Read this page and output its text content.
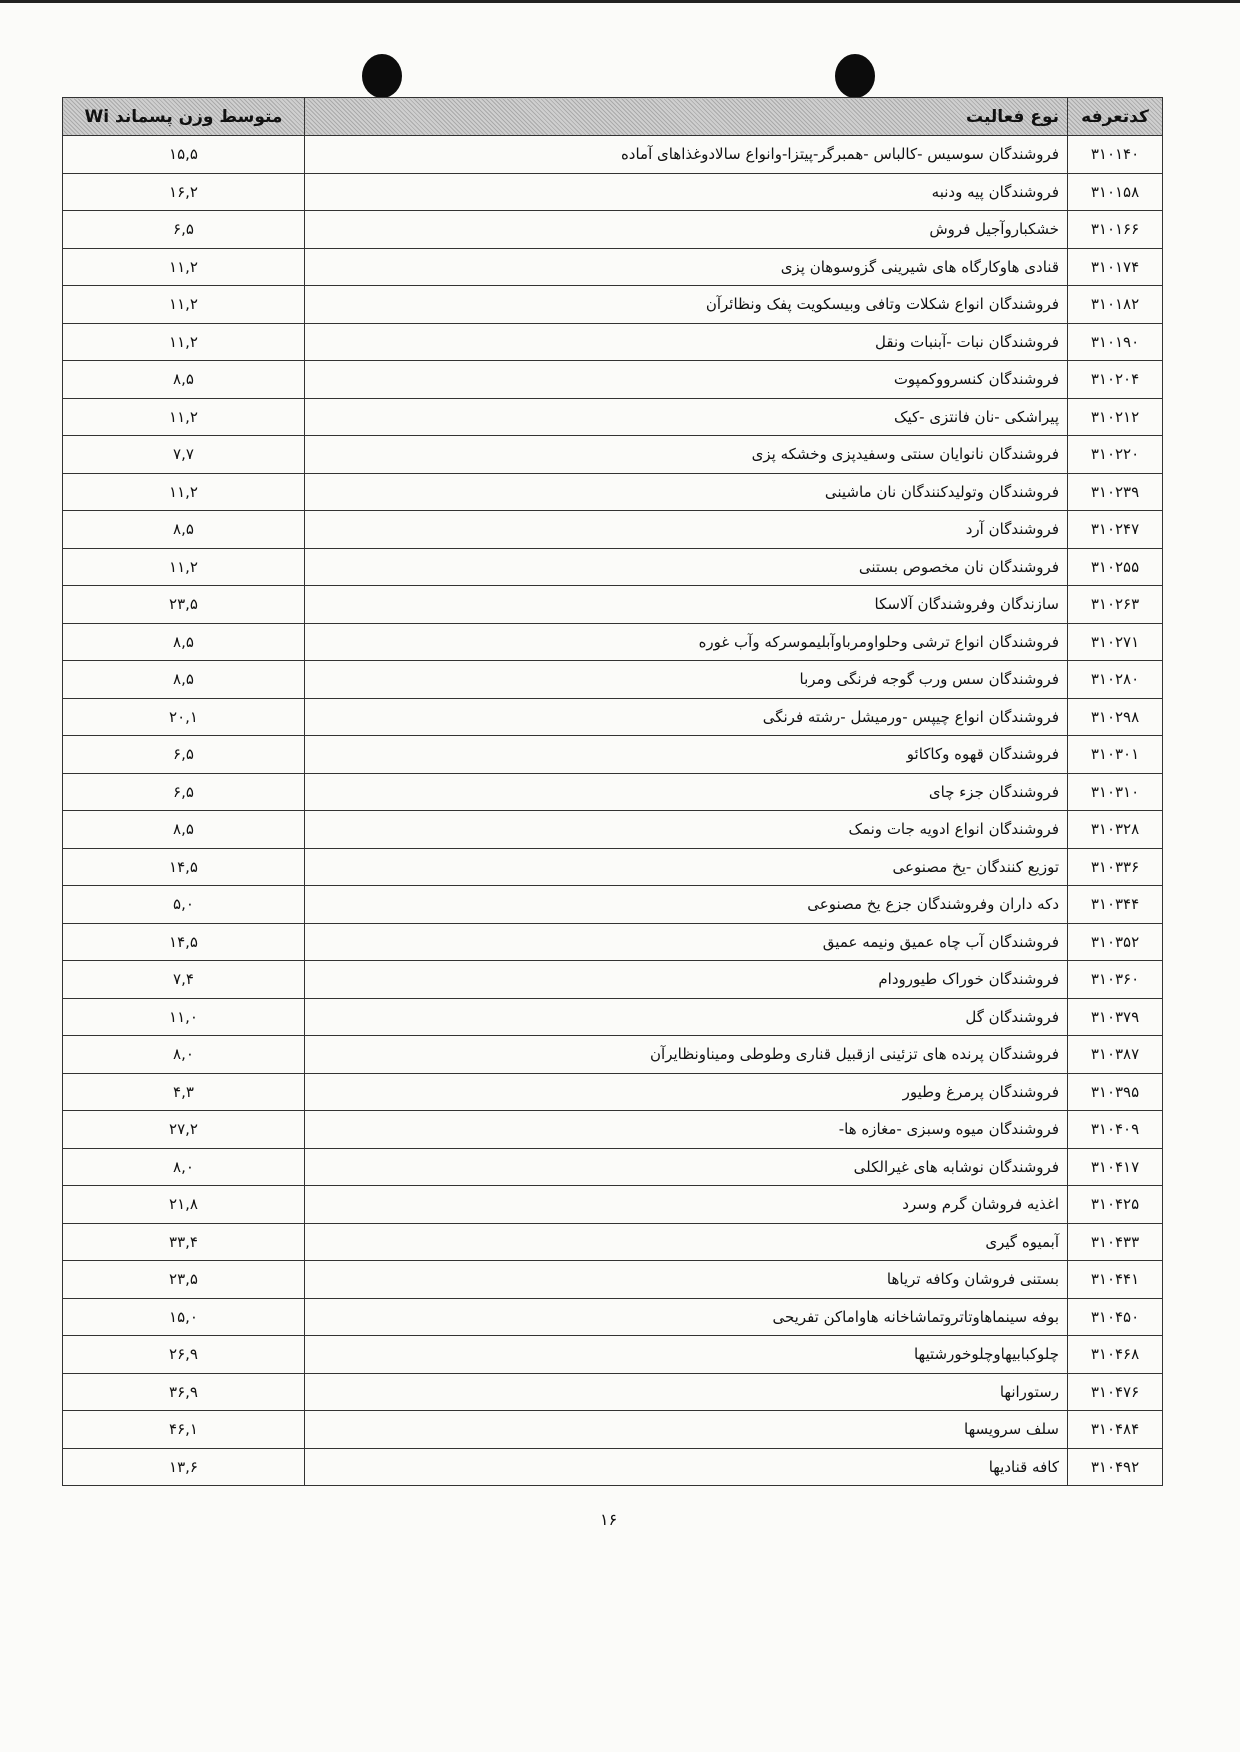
کدتعرفه	نوع فعالیت	متوسط وزن پسماند Wi
۳۱۰۱۴۰	فروشندگان سوسیس -کالباس -همبرگر-پیتزا-وانواع سالادوغذاهای آماده	۱۵,۵
۳۱۰۱۵۸	فروشندگان پیه ودنبه	۱۶,۲
۳۱۰۱۶۶	خشکباروآجیل فروش	۶,۵
۳۱۰۱۷۴	قنادی هاوکارگاه های شیرینی گزوسوهان پزی	۱۱,۲
۳۱۰۱۸۲	فروشندگان انواع شکلات وتافی وبیسکویت پفک ونظائرآن	۱۱,۲
۳۱۰۱۹۰	فروشندگان نبات -آبنبات ونقل	۱۱,۲
۳۱۰۲۰۴	فروشندگان کنسرووکمپوت	۸,۵
۳۱۰۲۱۲	پیراشکی -نان فانتزی -کیک	۱۱,۲
۳۱۰۲۲۰	فروشندگان نانوایان سنتی وسفیدپزی وخشکه پزی	۷,۷
۳۱۰۲۳۹	فروشندگان وتولیدکنندگان نان ماشینی	۱۱,۲
۳۱۰۲۴۷	فروشندگان آرد	۸,۵
۳۱۰۲۵۵	فروشندگان نان مخصوص بستنی	۱۱,۲
۳۱۰۲۶۳	سازندگان وفروشندگان آلاسکا	۲۳,۵
۳۱۰۲۷۱	فروشندگان انواع ترشی وحلواومرباوآبلیموسرکه وآب غوره	۸,۵
۳۱۰۲۸۰	فروشندگان سس ورب گوجه فرنگی ومربا	۸,۵
۳۱۰۲۹۸	فروشندگان انواع چیپس -ورمیشل -رشته فرنگی	۲۰,۱
۳۱۰۳۰۱	فروشندگان قهوه وکاکائو	۶,۵
۳۱۰۳۱۰	فروشندگان جزء چای	۶,۵
۳۱۰۳۲۸	فروشندگان انواع ادویه جات ونمک	۸,۵
۳۱۰۳۳۶	توزیع کنندگان -یخ مصنوعی	۱۴,۵
۳۱۰۳۴۴	دکه داران وفروشندگان جزع یخ مصنوعی	۵,۰
۳۱۰۳۵۲	فروشندگان آب چاه عمیق ونیمه عمیق	۱۴,۵
۳۱۰۳۶۰	فروشندگان خوراک طیورودام	۷,۴
۳۱۰۳۷۹	فروشندگان گل	۱۱,۰
۳۱۰۳۸۷	فروشندگان پرنده های تزئینی ازقبیل قناری وطوطی ومیناونظایرآن	۸,۰
۳۱۰۳۹۵	فروشندگان پرمرغ وطیور	۴,۳
۳۱۰۴۰۹	فروشندگان میوه وسبزی -مغازه ها-	۲۷,۲
۳۱۰۴۱۷	فروشندگان نوشابه های غیرالکلی	۸,۰
۳۱۰۴۲۵	اغذیه فروشان گرم وسرد	۲۱,۸
۳۱۰۴۳۳	آبمیوه گیری	۳۳,۴
۳۱۰۴۴۱	بستنی فروشان وکافه تریاها	۲۳,۵
۳۱۰۴۵۰	بوفه سینماهاوتاتروتماشاخانه هاواماکن تفریحی	۱۵,۰
۳۱۰۴۶۸	چلوکبابیهاوچلوخورشتیها	۲۶,۹
۳۱۰۴۷۶	رستورانها	۳۶,۹
۳۱۰۴۸۴	سلف سرویسها	۴۶,۱
۳۱۰۴۹۲	کافه قنادیها	۱۳,۶
۱۶
